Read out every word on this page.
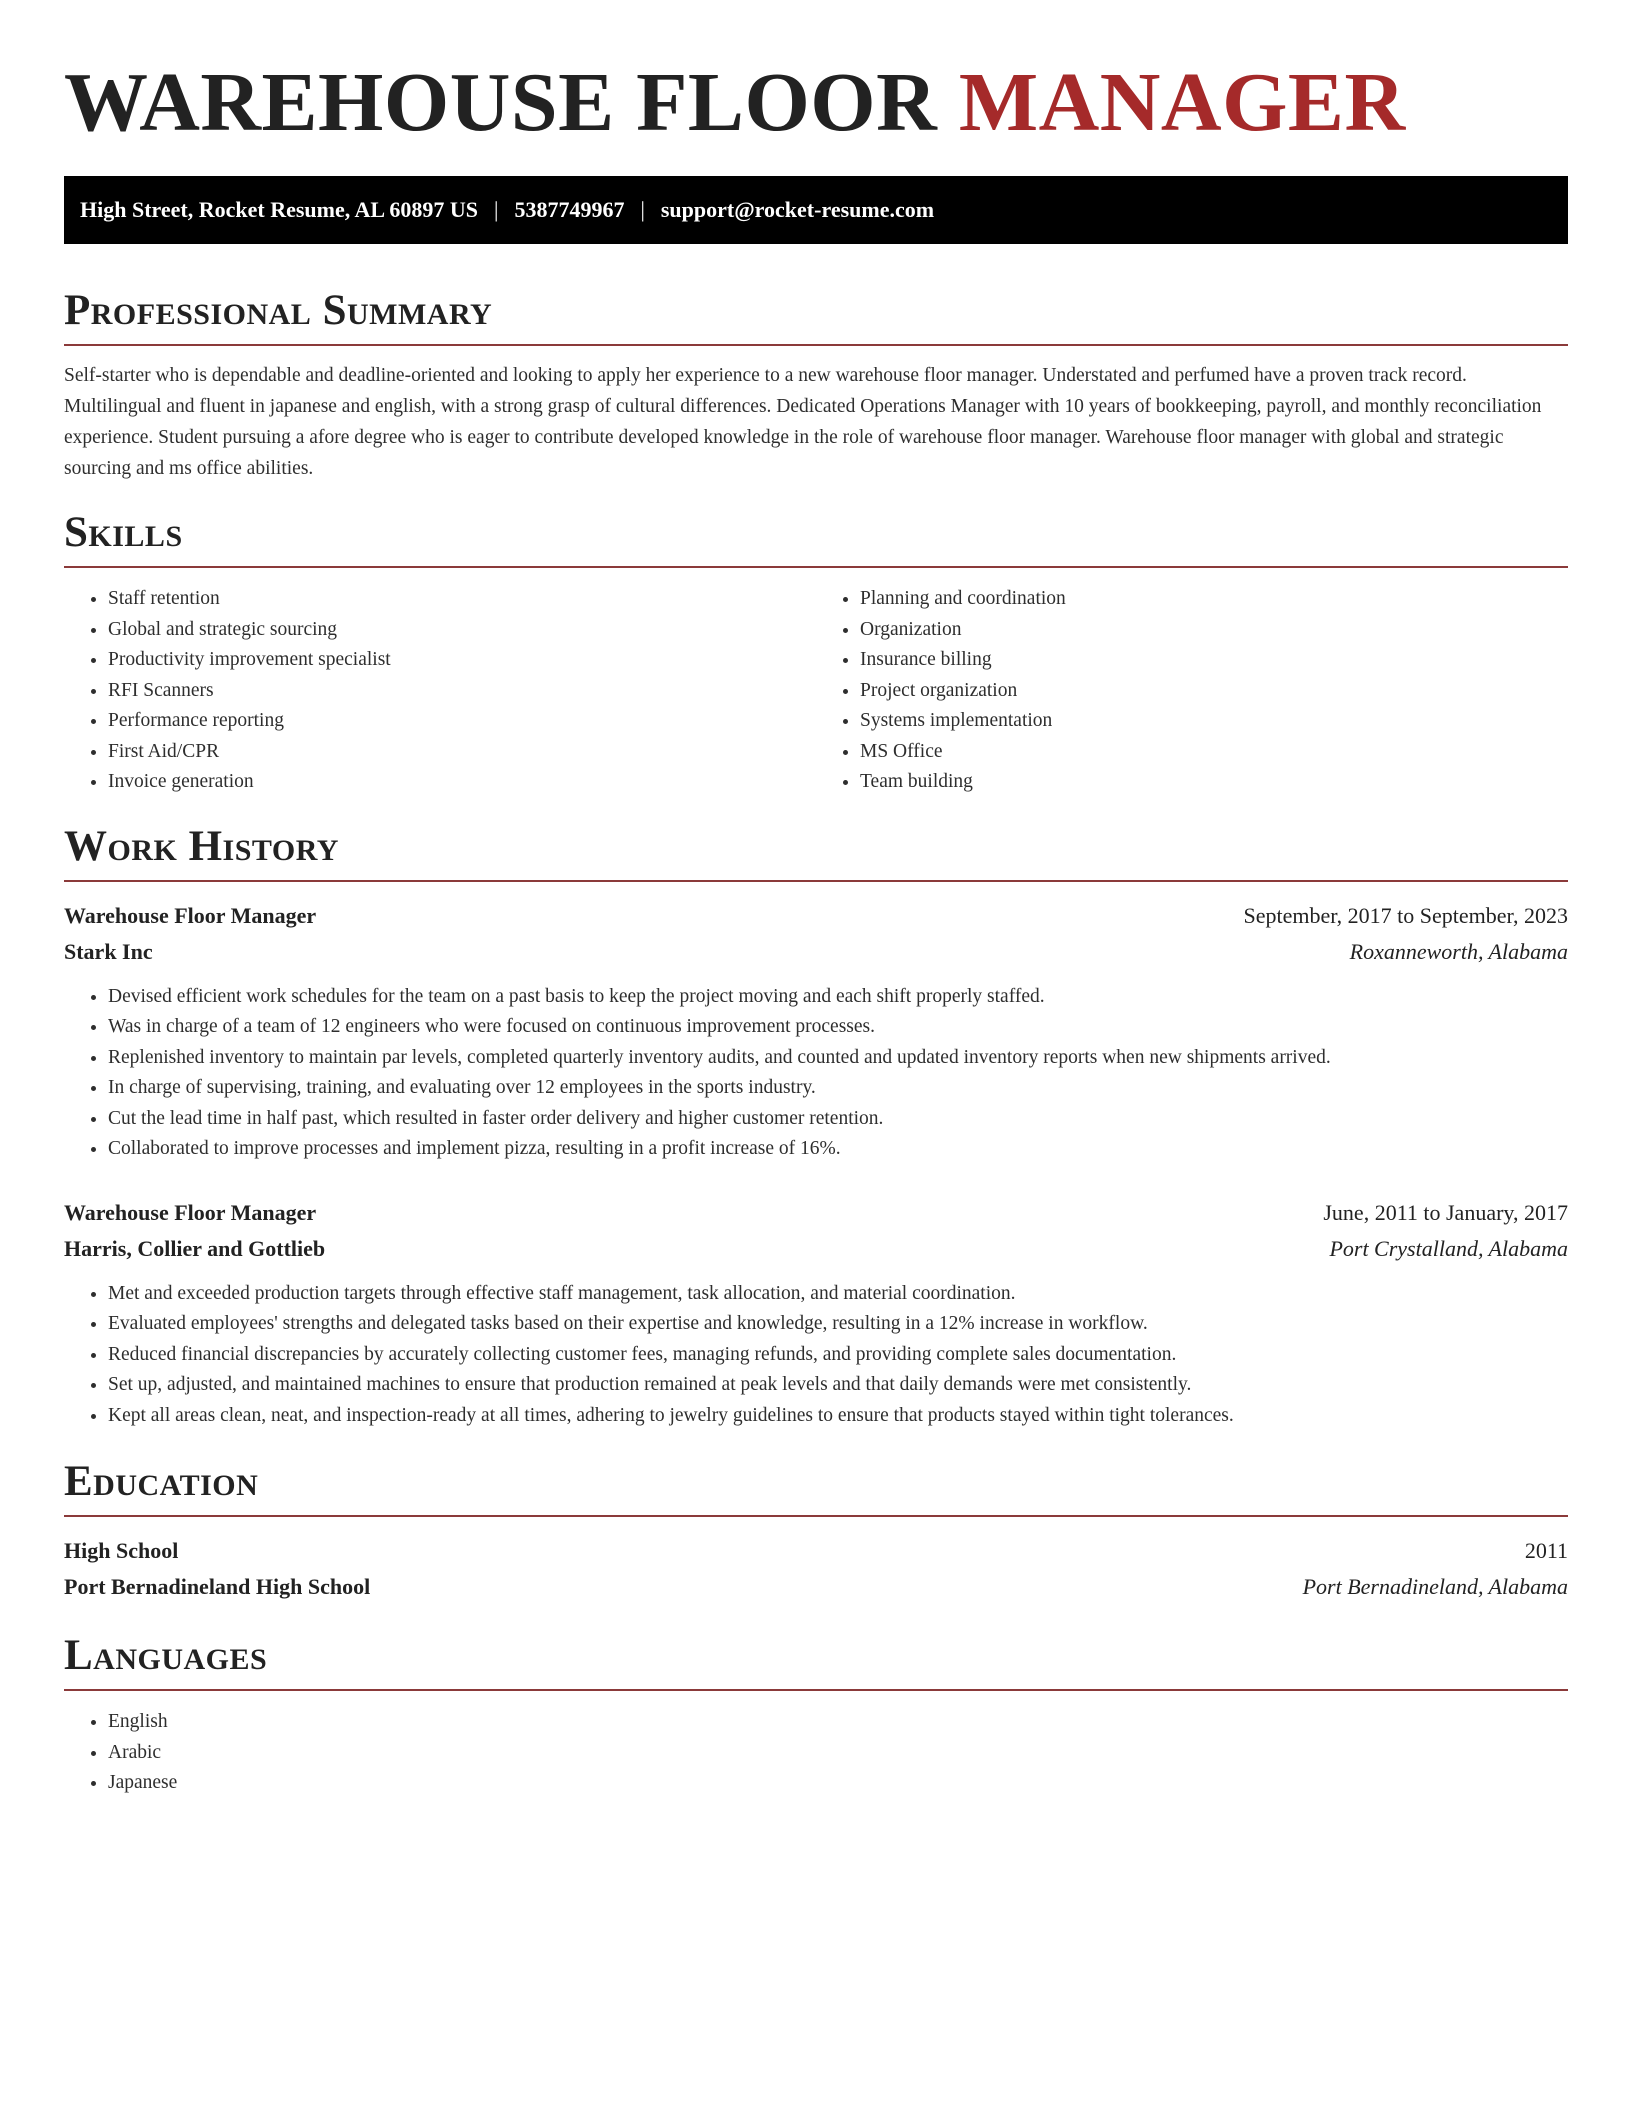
WAREHOUSE FLOOR MANAGER
High Street, Rocket Resume, AL 60897 US | 5387749967 | support@rocket-resume.com
Professional Summary

Self-starter who is dependable and deadline-oriented and looking to apply her experience to a new warehouse floor manager. Understated and perfumed have a proven track record. Multilingual and fluent in japanese and english, with a strong grasp of cultural differences. Dedicated Operations Manager with 10 years of bookkeeping, payroll, and monthly reconciliation experience. Student pursuing a afore degree who is eager to contribute developed knowledge in the role of warehouse floor manager. Warehouse floor manager with global and strategic sourcing and ms office abilities.

Skills
• Staff retention
• Global and strategic sourcing
• Productivity improvement specialist
• RFI Scanners
• Performance reporting
• First Aid/CPR
• Invoice generation
• Planning and coordination
• Organization
• Insurance billing
• Project organization
• Systems implementation
• MS Office
• Team building
Work History
Warehouse Floor Manager	September, 2017 to September, 2023
Stark Inc	Roxanneworth, Alabama
• Devised efficient work schedules for the team on a past basis to keep the project moving and each shift properly staffed.
• Was in charge of a team of 12 engineers who were focused on continuous improvement processes.
• Replenished inventory to maintain par levels, completed quarterly inventory audits, and counted and updated inventory reports when new shipments arrived.
• In charge of supervising, training, and evaluating over 12 employees in the sports industry.
• Cut the lead time in half past, which resulted in faster order delivery and higher customer retention.
• Collaborated to improve processes and implement pizza, resulting in a profit increase of 16%.
Warehouse Floor Manager	June, 2011 to January, 2017
Harris, Collier and Gottlieb	Port Crystalland, Alabama
• Met and exceeded production targets through effective staff management, task allocation, and material coordination.
• Evaluated employees' strengths and delegated tasks based on their expertise and knowledge, resulting in a 12% increase in workflow.
• Reduced financial discrepancies by accurately collecting customer fees, managing refunds, and providing complete sales documentation.
• Set up, adjusted, and maintained machines to ensure that production remained at peak levels and that daily demands were met consistently.
• Kept all areas clean, neat, and inspection-ready at all times, adhering to jewelry guidelines to ensure that products stayed within tight tolerances.
Education
High School	2011
Port Bernadineland High School	Port Bernadineland, Alabama
Languages
• English
• Arabic
• Japanese
